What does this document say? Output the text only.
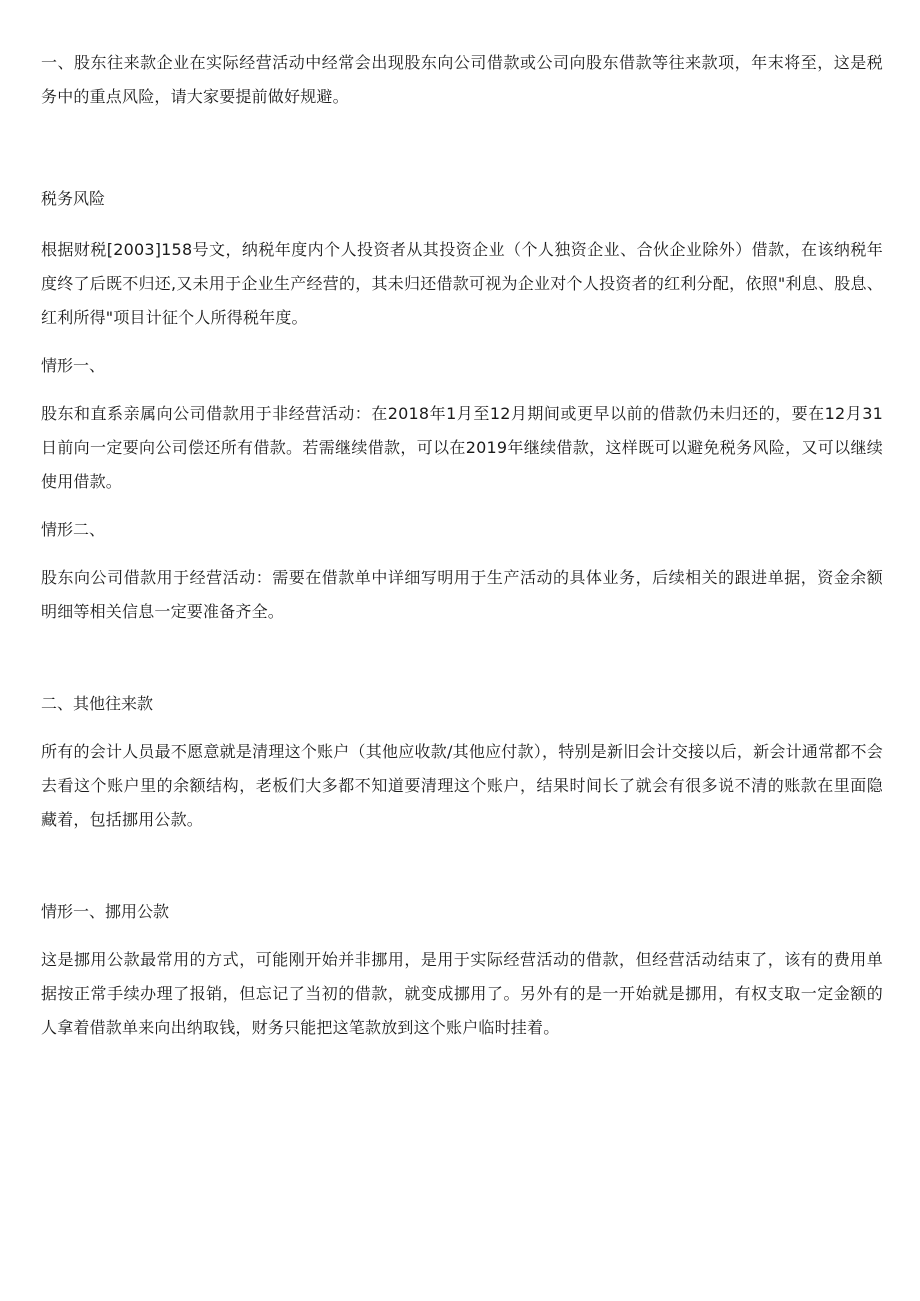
一、股东往来款企业在实际经营活动中经常会出现股东向公司借款或公司向股东借款等往来款项，年末将至，这是税务中的重点风险，请大家要提前做好规避。

税务风险

根据财税[2003]158号文，纳税年度内个人投资者从其投资企业（个人独资企业、合伙企业除外）借款，在该纳税年度终了后既不归还,又未用于企业生产经营的，其未归还借款可视为企业对个人投资者的红利分配，依照"利息、股息、红利所得"项目计征个人所得税年度。

情形一、

股东和直系亲属向公司借款用于非经营活动：在2018年1月至12月期间或更早以前的借款仍未归还的，要在12月31日前向一定要向公司偿还所有借款。若需继续借款，可以在2019年继续借款，这样既可以避免税务风险，又可以继续使用借款。

情形二、

股东向公司借款用于经营活动：需要在借款单中详细写明用于生产活动的具体业务，后续相关的跟进单据，资金余额明细等相关信息一定要准备齐全。

二、其他往来款

所有的会计人员最不愿意就是清理这个账户（其他应收款/其他应付款），特别是新旧会计交接以后，新会计通常都不会去看这个账户里的余额结构，老板们大多都不知道要清理这个账户，结果时间长了就会有很多说不清的账款在里面隐藏着，包括挪用公款。

情形一、挪用公款

这是挪用公款最常用的方式，可能刚开始并非挪用，是用于实际经营活动的借款，但经营活动结束了，该有的费用单据按正常手续办理了报销，但忘记了当初的借款，就变成挪用了。另外有的是一开始就是挪用，有权支取一定金额的人拿着借款单来向出纳取钱，财务只能把这笔款放到这个账户临时挂着。
